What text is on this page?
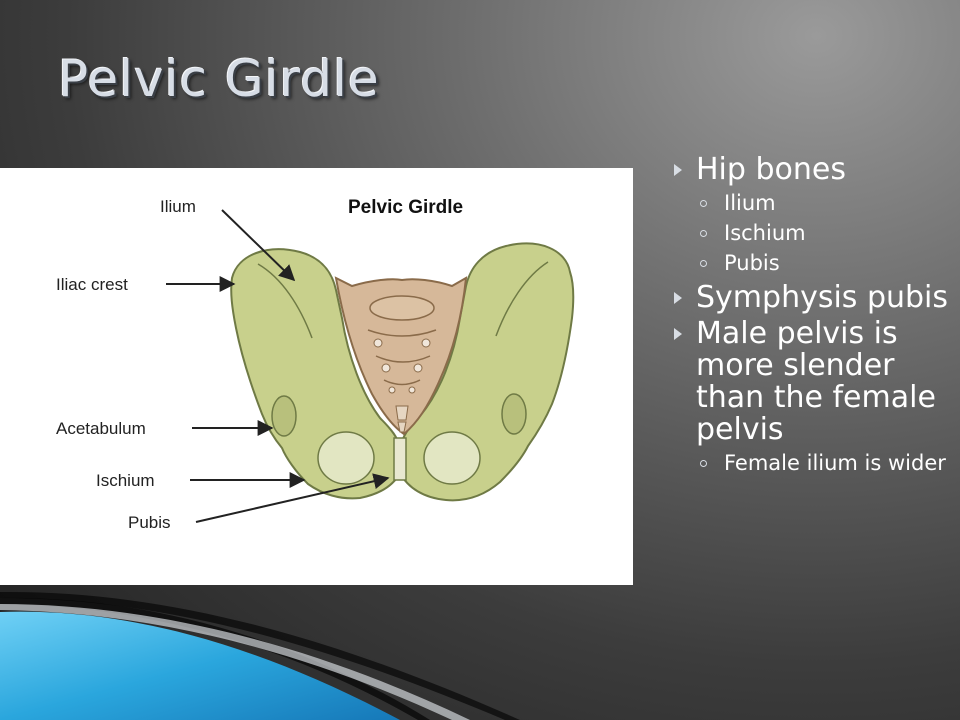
Pelvic Girdle
Pelvic Girdle
Ilium
Iliac crest
Acetabulum
Ischium
Pubis
Hip bones
Ilium
Ischium
Pubis
Symphysis pubis
Male pelvis is more slender than the female pelvis
Female ilium is wider
